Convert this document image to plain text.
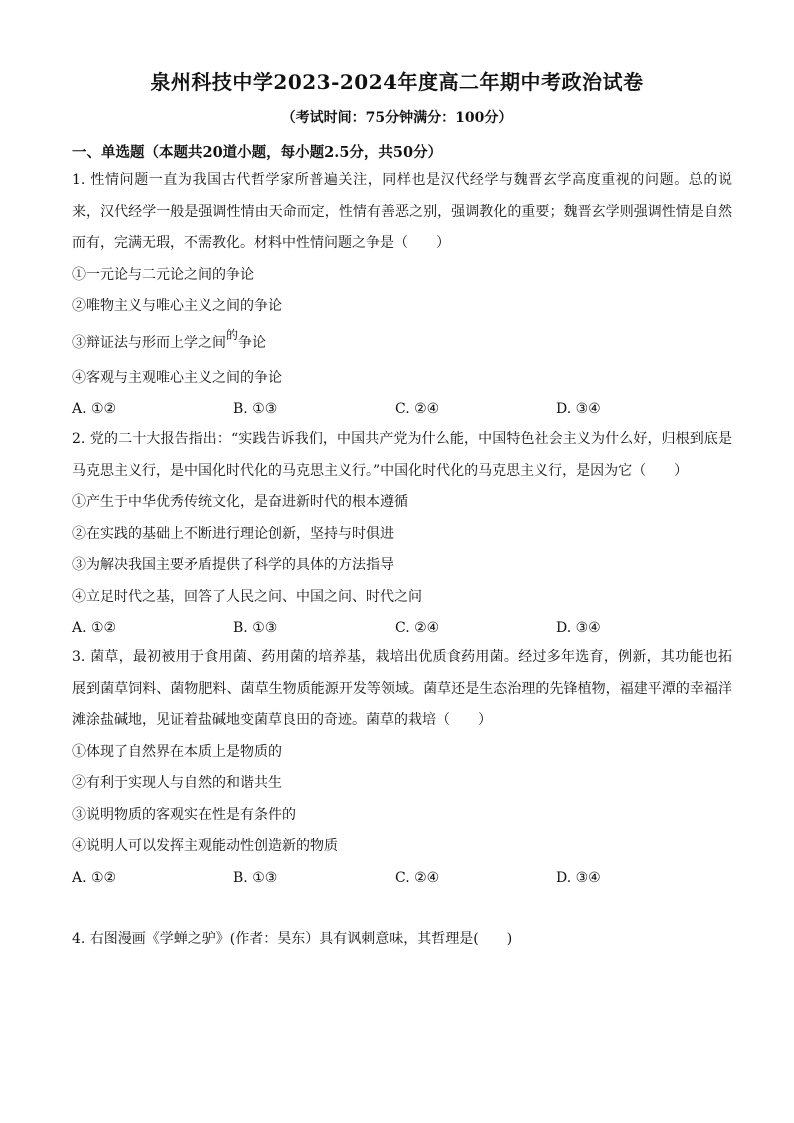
泉州科技中学2023-2024年度高二年期中考政治试卷
（考试时间：75分钟满分：100分）
一、单选题（本题共20道小题，每小题2.5分，共50分）
1. 性情问题一直为我国古代哲学家所普遍关注，同样也是汉代经学与魏晋玄学高度重视的问题。总的说来，汉代经学一般是强调性情由天命而定，性情有善恶之别，强调教化的重要；魏晋玄学则强调性情是自然而有，完满无瑕，不需教化。材料中性情问题之争是（　　）
①一元论与二元论之间的争论
②唯物主义与唯心主义之间的争论
③辩证法与形而上学之间的争论
④客观与主观唯心主义之间的争论
A. ①②	B. ①③	C. ②④	D. ③④
2. 党的二十大报告指出：“实践告诉我们，中国共产党为什么能，中国特色社会主义为什么好，归根到底是马克思主义行，是中国化时代化的马克思主义行。”中国化时代化的马克思主义行，是因为它（　　）
①产生于中华优秀传统文化，是奋进新时代的根本遵循
②在实践的基础上不断进行理论创新，坚持与时俱进
③为解决我国主要矛盾提供了科学的具体的方法指导
④立足时代之基，回答了人民之问、中国之问、时代之问
A. ①②	B. ①③	C. ②④	D. ③④
3. 菌草，最初被用于食用菌、药用菌的培养基，栽培出优质食药用菌。经过多年选育，例新，其功能也拓展到菌草饲料、菌物肥料、菌草生物质能源开发等领域。菌草还是生态治理的先锋植物，福建平潭的幸福洋滩涂盐碱地，见证着盐碱地变菌草良田的奇迹。菌草的栽培（　　）
①体现了自然界在本质上是物质的
②有利于实现人与自然的和谐共生
③说明物质的客观实在性是有条件的
④说明人可以发挥主观能动性创造新的物质
A. ①②	B. ①③	C. ②④	D. ③④
4. 右图漫画《学蝉之驴》(作者：昊东）具有讽刺意味，其哲理是(　　)
